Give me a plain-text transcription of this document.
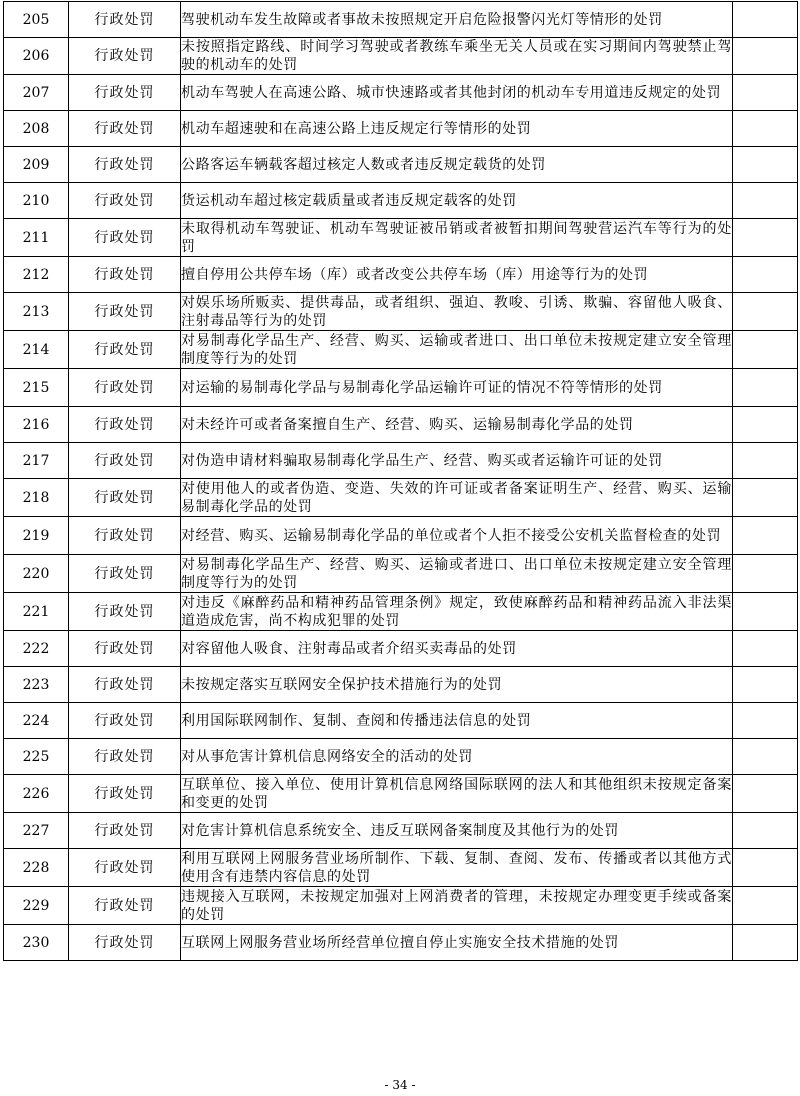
205	行政处罚	驾驶机动车发生故障或者事故未按照规定开启危险报警闪光灯等情形的处罚	
206	行政处罚	未按照指定路线、时间学习驾驶或者教练车乘坐无关人员或在实习期间内驾驶禁止驾驶的机动车的处罚	
207	行政处罚	机动车驾驶人在高速公路、城市快速路或者其他封闭的机动车专用道违反规定的处罚	
208	行政处罚	机动车超速驶和在高速公路上违反规定行等情形的处罚	
209	行政处罚	公路客运车辆载客超过核定人数或者违反规定载货的处罚	
210	行政处罚	货运机动车超过核定载质量或者违反规定载客的处罚	
211	行政处罚	未取得机动车驾驶证、机动车驾驶证被吊销或者被暂扣期间驾驶营运汽车等行为的处罚	
212	行政处罚	擅自停用公共停车场（库）或者改变公共停车场（库）用途等行为的处罚	
213	行政处罚	对娱乐场所贩卖、提供毒品，或者组织、强迫、教唆、引诱、欺骗、容留他人吸食、注射毒品等行为的处罚	
214	行政处罚	对易制毒化学品生产、经营、购买、运输或者进口、出口单位未按规定建立安全管理制度等行为的处罚	
215	行政处罚	对运输的易制毒化学品与易制毒化学品运输许可证的情况不符等情形的处罚	
216	行政处罚	对未经许可或者备案擅自生产、经营、购买、运输易制毒化学品的处罚	
217	行政处罚	对伪造申请材料骗取易制毒化学品生产、经营、购买或者运输许可证的处罚	
218	行政处罚	对使用他人的或者伪造、变造、失效的许可证或者备案证明生产、经营、购买、运输易制毒化学品的处罚	
219	行政处罚	对经营、购买、运输易制毒化学品的单位或者个人拒不接受公安机关监督检查的处罚	
220	行政处罚	对易制毒化学品生产、经营、购买、运输或者进口、出口单位未按规定建立安全管理制度等行为的处罚	
221	行政处罚	对违反《麻醉药品和精神药品管理条例》规定，致使麻醉药品和精神药品流入非法渠道造成危害，尚不构成犯罪的处罚	
222	行政处罚	对容留他人吸食、注射毒品或者介绍买卖毒品的处罚	
223	行政处罚	未按规定落实互联网安全保护技术措施行为的处罚	
224	行政处罚	利用国际联网制作、复制、查阅和传播违法信息的处罚	
225	行政处罚	对从事危害计算机信息网络安全的活动的处罚	
226	行政处罚	互联单位、接入单位、使用计算机信息网络国际联网的法人和其他组织未按规定备案和变更的处罚	
227	行政处罚	对危害计算机信息系统安全、违反互联网备案制度及其他行为的处罚	
228	行政处罚	利用互联网上网服务营业场所制作、下载、复制、查阅、发布、传播或者以其他方式使用含有违禁内容信息的处罚	
229	行政处罚	违规接入互联网，未按规定加强对上网消费者的管理，未按规定办理变更手续或备案的处罚	
230	行政处罚	互联网上网服务营业场所经营单位擅自停止实施安全技术措施的处罚	
- 34 -
